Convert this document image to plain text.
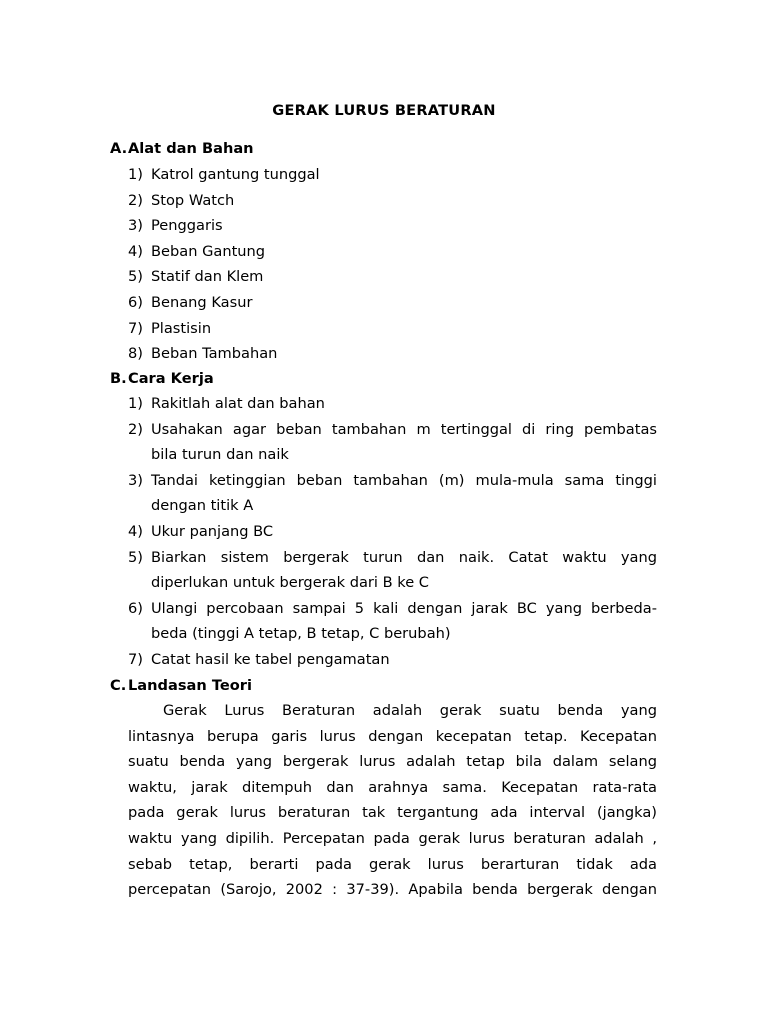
GERAK LURUS BERATURAN
A.Alat dan Bahan
1) Katrol gantung tunggal
2) Stop Watch
3) Penggaris
4) Beban Gantung
5) Statif dan Klem
6) Benang Kasur
7) Plastisin
8) Beban Tambahan
B.Cara Kerja
1) Rakitlah alat dan bahan
2) Usahakan agar beban tambahan m tertinggal di ring pembatas
bila turun dan naik
3) Tandai ketinggian beban tambahan (m) mula-mula sama tinggi
dengan titik A
4) Ukur panjang BC
5) Biarkan sistem bergerak turun dan naik. Catat waktu yang
diperlukan untuk bergerak dari B ke C
6) Ulangi percobaan sampai 5 kali dengan jarak BC yang berbeda-
beda (tinggi A tetap, B tetap, C berubah)
7) Catat hasil ke tabel pengamatan
C. Landasan Teori
Gerak Lurus Beraturan adalah gerak suatu benda yang
lintasnya berupa garis lurus dengan kecepatan tetap. Kecepatan
suatu benda yang bergerak lurus adalah tetap bila dalam selang
waktu, jarak ditempuh dan arahnya sama. Kecepatan rata-rata
pada gerak lurus beraturan tak tergantung ada interval (jangka)
waktu yang dipilih. Percepatan pada gerak lurus beraturan adalah ,
sebab tetap, berarti pada gerak lurus berarturan tidak ada
percepatan (Sarojo, 2002 : 37-39). Apabila benda bergerak dengan
